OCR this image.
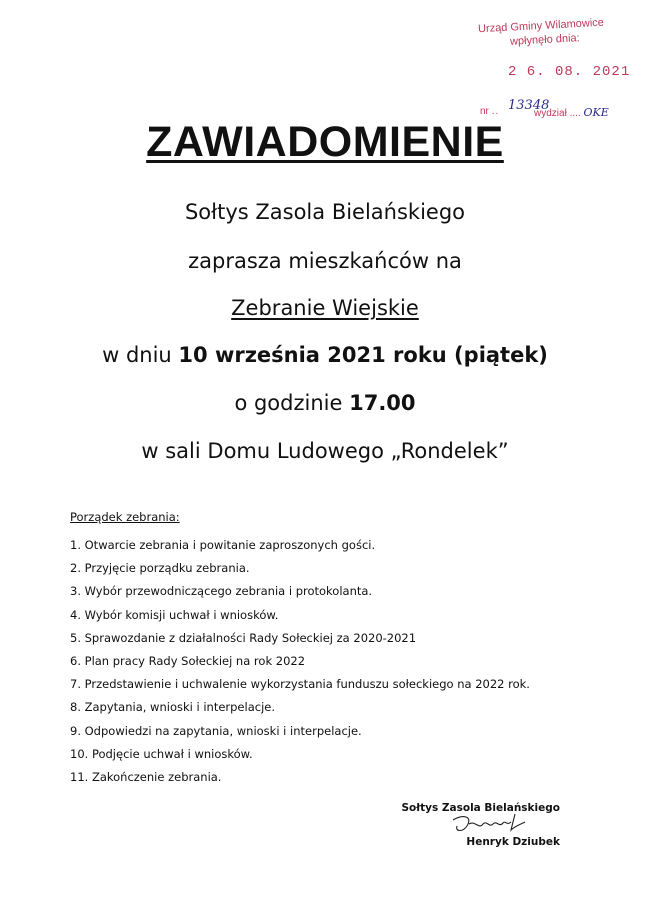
Urząd Gminy Wilamowice
wpłynęło dnia:
2 6. 08. 2021
nr .. 13348
wydział .... OKE
ZAWIADOMIENIE
Sołtys Zasola Bielańskiego
zaprasza mieszkańców na
Zebranie Wiejskie
w dniu 10 września 2021 roku (piątek)
o godzinie 17.00
w sali Domu Ludowego „Rondelek”
Porządek zebrania:
1. Otwarcie zebrania i powitanie zaproszonych gości.
2. Przyjęcie porządku zebrania.
3. Wybór przewodniczącego zebrania i protokolanta.
4. Wybór komisji uchwał i wniosków.
5. Sprawozdanie z działalności Rady Sołeckiej za 2020-2021
6. Plan pracy Rady Sołeckiej na rok 2022
7. Przedstawienie i uchwalenie wykorzystania funduszu sołeckiego na 2022 rok.
8. Zapytania, wnioski i interpelacje.
9. Odpowiedzi na zapytania, wnioski i interpelacje.
10. Podjęcie uchwał i wniosków.
11. Zakończenie zebrania.
Sołtys Zasola Bielańskiego
Henryk Dziubek
